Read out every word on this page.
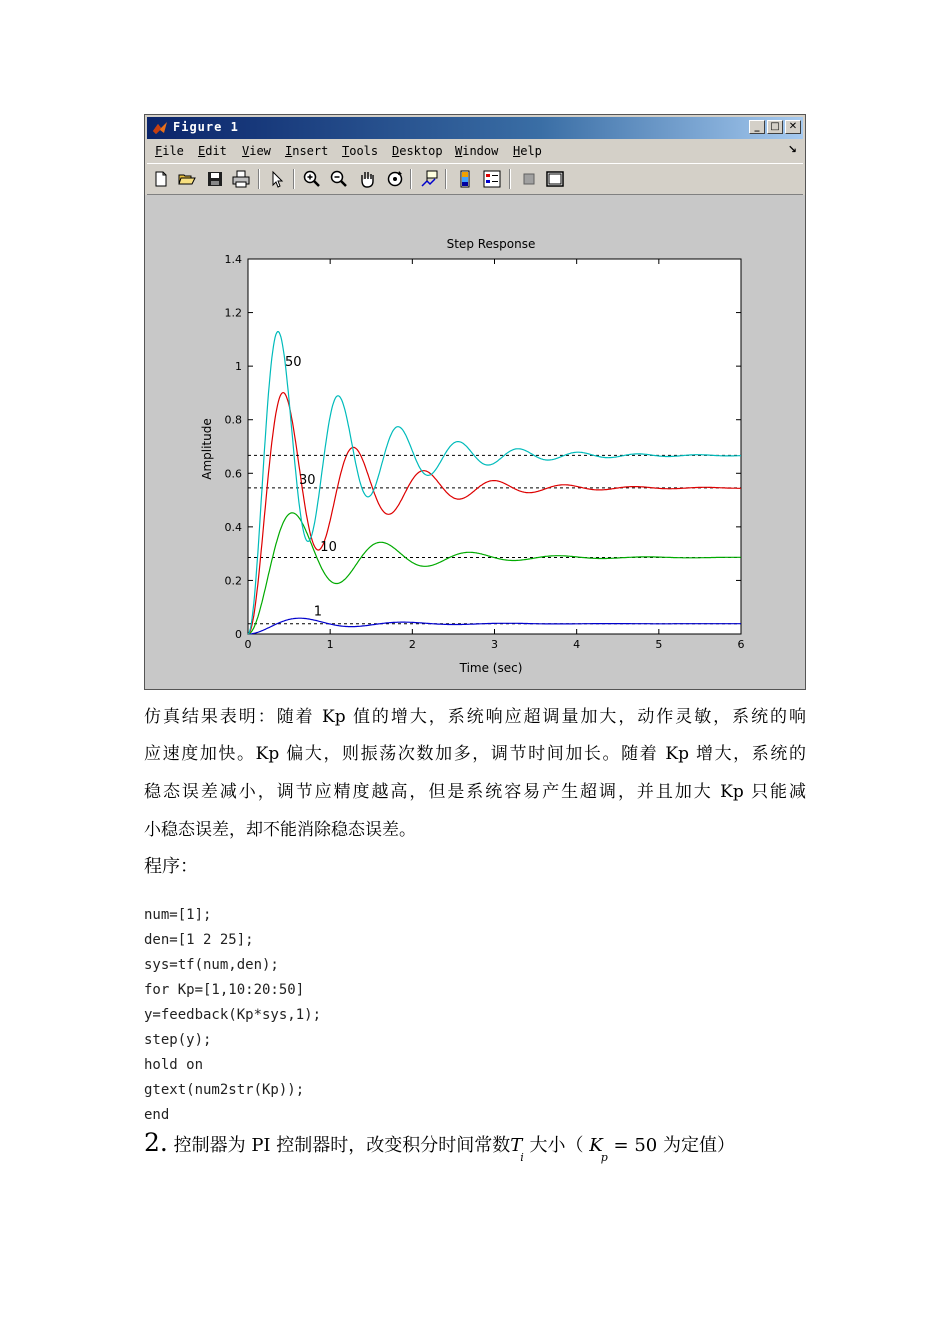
Figure 1	_	□ ✕
File Edit View Insert Tools Desktop Window Help	↘
Step Response
Time (sec)
Amplitude
0	1	2	3	4	5	6
0
0.2
0.4
0.6
0.8
1
1.2
1.4
1
10
30
50
仿真结果表明：随着 Kp 值的增大，系统响应超调量加大，动作灵敏，系统的响
应速度加快。Kp 偏大，则振荡次数加多，调节时间加长。随着 Kp 增大，系统的
稳态误差减小，调节应精度越高，但是系统容易产生超调，并且加大 Kp 只能减
小稳态误差，却不能消除稳态误差。
程序：
num=[1];
den=[1 2 25];
sys=tf(num,den);
for Kp=[1,10:20:50]
y=feedback(Kp*sys,1);
step(y);
hold on
gtext(num2str(Kp));
end
2. 控制器为 PI 控制器时，改变积分时间常数$T_i$ 大小（ $K_p = 50$ 为定值）
